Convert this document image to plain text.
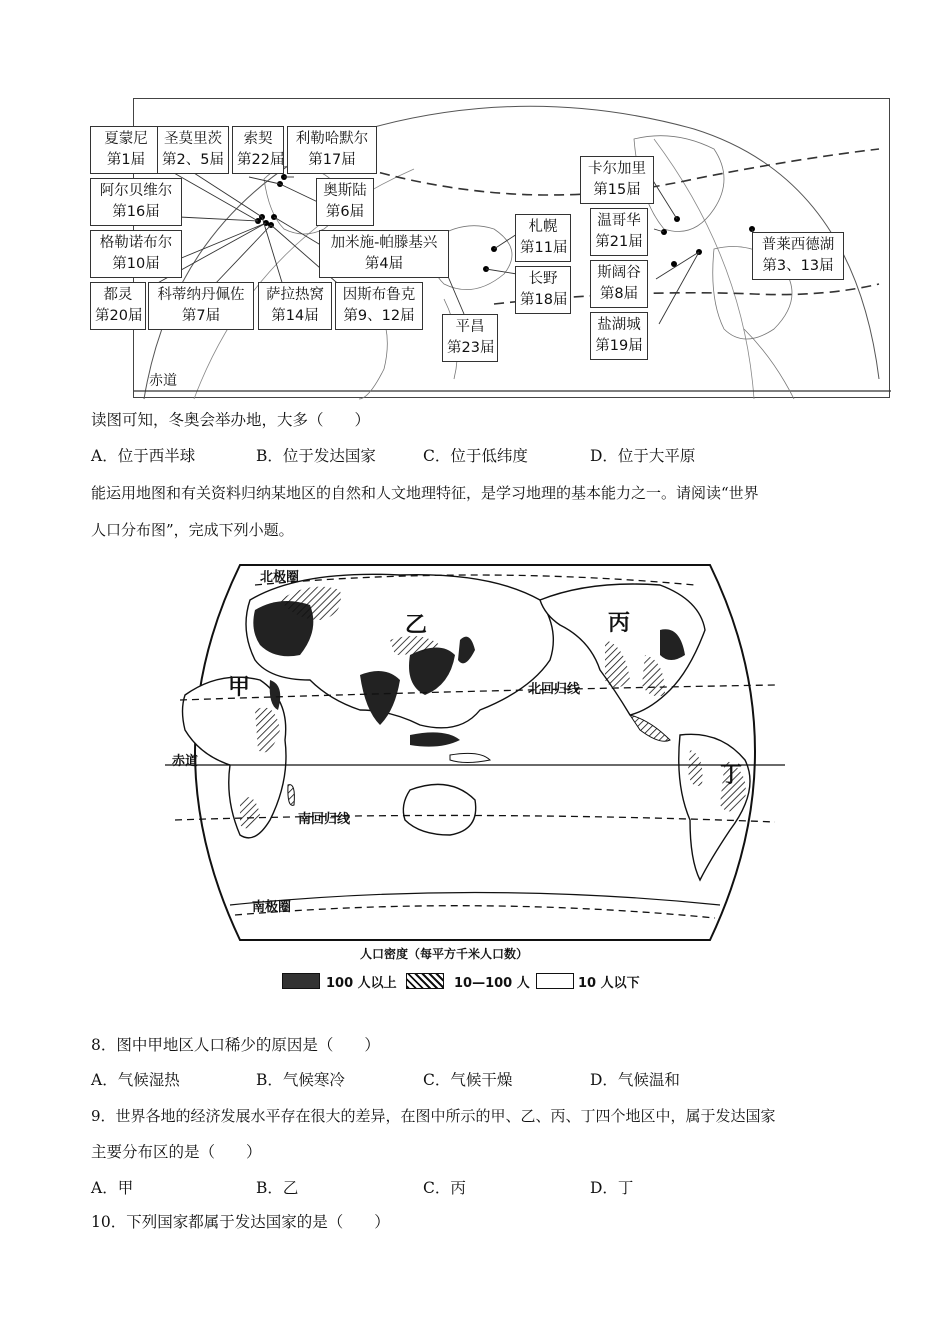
夏蒙尼
第1届
圣莫里茨
第2、5届
索契
第22届
利勒哈默尔
第17届
阿尔贝维尔
第16届
奥斯陆
第6届
格勒诺布尔
第10届
加米施-帕滕基兴
第4届
都灵
第20届
科蒂纳丹佩佐
第7届
萨拉热窝
第14届
因斯布鲁克
第9、12届
札幌
第11届
长野
第18届
平昌
第23届
卡尔加里
第15届
温哥华
第21届
斯阔谷
第8届
盐湖城
第19届
普莱西德湖
第3、13届
赤道
读图可知，冬奥会举办地，大多（　　）
A．位于西半球	B．位于发达国家	C．位于低纬度	D．位于大平原
能运用地图和有关资料归纳某地区的自然和人文地理特征，是学习地理的基本能力之一。请阅读“世界
人口分布图”，完成下列小题。
北极圈
南极圈
北回归线
南回归线
赤道
甲
乙	丙
丁
人口密度（每平方千米人口数）
100 人以上	10—100 人	10 人以下
8．图中甲地区人口稀少的原因是（　　）
A．气候湿热	B．气候寒冷	C．气候干燥	D．气候温和
9．世界各地的经济发展水平存在很大的差异，在图中所示的甲、乙、丙、丁四个地区中，属于发达国家
主要分布区的是（　　）
A．甲	B．乙	C．丙	D．丁
10．下列国家都属于发达国家的是（　　）
